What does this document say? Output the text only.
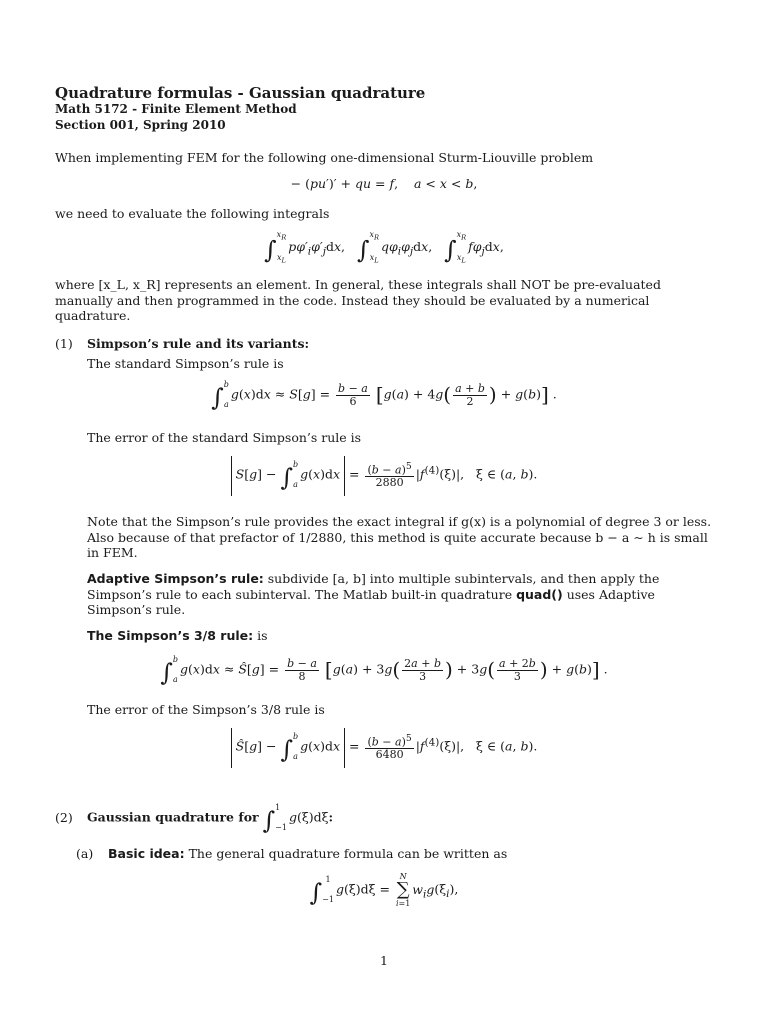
Quadrature formulas - Gaussian quadrature
Math 5172 - Finite Element Method
Section 001, Spring 2010
When implementing FEM for the following one-dimensional Sturm-Liouville problem
− (pu′)′ + qu = f,    a < x < b,
we need to evaluate the following integrals
$\int x_R$

$x_Lp\varphi'_i\varphi'_jdx$,   $\int x_R$

$x_Lq\varphi_i\varphi_jdx$,   $\int x_R$

$x_Lf\varphi_jdx$,
where [x_L, x_R] represents an element. In general, these integrals shall NOT be pre-evaluated manually and then programmed in the code. Instead they should be evaluated by a numerical quadrature.
(1) Simpson’s rule and its variants:
The standard Simpson’s rule is
∫b

$ag(x)dx \approx S[g] = \frac{b - a}{6} [g(a) + 4g( \frac{a + b}{2}$ ) + g(b)] .
The error of the standard Simpson’s rule is
S[g] − ∫b

$ag(x)dx = \frac{(b - a)^5}{2880} |f^{(4)}(\xi)|$,   ξ ∈ (a, b).
Note that the Simpson’s rule provides the exact integral if g(x) is a polynomial of degree 3 or less. Also because of that prefactor of 1/2880, this method is quite accurate because b − a ∼ h is small in FEM.
Adaptive Simpson’s rule: subdivide [a, b] into multiple subintervals, and then apply the Simpson’s rule to each subinterval. The Matlab built-in quadrature quad() uses Adaptive Simpson’s rule.
The Simpson’s 3/8 rule: is
∫b

ag(x)dx ≈ Ŝ[g] = $\frac{b - a}{8} [g(a) + 3g( \frac{2a + b}{3}$ ) + $3g( \frac{a + 2b}{3}$ ) + g(b)] .
The error of the Simpson’s 3/8 rule is
Ŝ[g] − ∫b

$ag(x)dx = \frac{(b - a)^5}{6480} |f^{(4)}(\xi)|$,   ξ ∈ (a, b).
(2) Gaussian quadrature for ∫1

−1g(ξ)dξ:
(a) Basic idea: The general quadrature formula can be written as
∫ 1

−1g(ξ)dξ = N
∑
$i=1w_ig(\xi_i)$,
1
